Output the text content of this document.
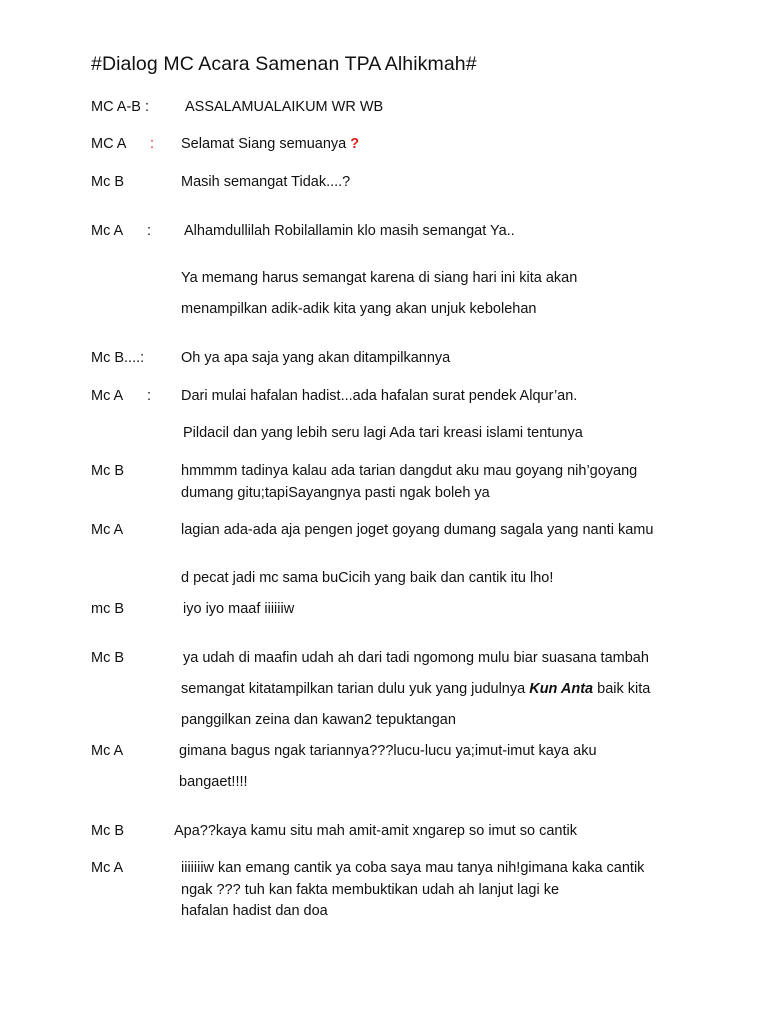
#Dialog MC Acara Samenan TPA Alhikmah#
MC A-B : ASSALAMUALAIKUM WR WB
MC A : Selamat Siang semuanya ?
Mc B	Masih semangat Tidak....?
Mc A : Alhamdullilah Robilallamin klo masih semangat Ya..
Ya memang harus semangat karena di siang hari ini kita akan
menampilkan adik-adik kita yang akan unjuk kebolehan
Mc B....:	Oh ya apa saja yang akan ditampilkannya
Mc A : Dari mulai hafalan hadist...ada hafalan surat pendek Alqur’an.
Pildacil dan yang lebih seru lagi Ada tari kreasi islami tentunya
Mc B	hmmmm tadinya kalau ada tarian dangdut aku mau goyang nih’goyang
dumang gitu;tapiSayangnya pasti ngak boleh ya
Mc A	lagian ada-ada aja pengen joget goyang dumang sagala yang nanti kamu
d pecat jadi mc sama buCicih yang baik dan cantik itu lho!
mc B	iyo iyo maaf iiiiiiw
Mc B	ya udah di maafin udah ah dari tadi ngomong mulu biar suasana tambah
semangat kitatampilkan tarian dulu yuk yang judulnya Kun Anta baik kita
panggilkan zeina dan kawan2 tepuktangan
Mc A	gimana bagus ngak tariannya???lucu-lucu ya;imut-imut kaya aku
bangaet!!!!
Mc B	Apa??kaya kamu situ mah amit-amit xngarep so imut so cantik
Mc A	iiiiiiiw kan emang cantik ya coba saya mau tanya nih!gimana kaka cantik
ngak ??? tuh kan fakta membuktikan udah ah lanjut lagi ke
hafalan hadist dan doa
